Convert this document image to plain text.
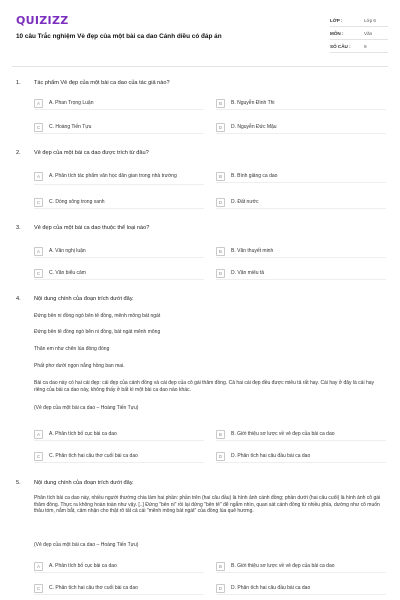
QUIZIZZ
10 câu Trắc nghiệm Vẻ đẹp của một bài ca dao Cánh diều có đáp án
LỚP :	Lớp 6
MÔN :	Văn
SỐ CÂU :	9
1.	Tác phẩm Vẻ đẹp của một bài ca dao của tác giả nào?
A	A. Phan Trọng Luận	B	B. Nguyễn Đình Thi
C	C. Hoàng Tiến Tựu	D	D. Nguyễn Đức Mậu
2.	Vẻ đẹp của một bài ca dao được trích từ đâu?
A	A. Phân tích tác phẩm văn học dân gian trong nhà trường	B	B. Bình giảng ca dao
C	C. Dòng sông trong xanh	D	D. Đất nước
3.	Vẻ đẹp của một bài ca dao thuộc thể loại nào?
A	A. Văn nghị luận	B	B. Văn thuyết minh
C	C. Văn biểu cảm	D	D. Văn miêu tả
4.	Nội dung chính của đoạn trích dưới đây.
Đứng bên ni đồng ngó bên tê đồng, mênh mông bát ngát
Đứng bên tê đồng ngó bên ni đồng, bát ngát mênh mông
Thân em như chẽn lúa đòng đòng
Phất phơ dưới ngọn nắng hồng ban mai.
Bài ca dao này có hai cái đẹp: cái đẹp của cánh đồng và cái đẹp của cô gái thăm đồng. Cả hai cái đẹp đều được miêu tả rất hay. Cái hay ở đây là cái hay riêng của bài ca dao này, không thấy ở bất kì một bài ca dao nào khác.
(Vẻ đẹp của một bài ca dao – Hoàng Tiến Tựu)
A	A. Phân tích bố cục bài ca dao	B	B. Giới thiệu sơ lược về vẻ đẹp của bài ca dao
C	C. Phân tích hai câu thơ cuối bài ca dao	D	D. Phân tích hai câu đầu bài ca dao
5.	Nội dung chính của đoạn trích dưới đây.
Phân tích bài ca dao này, nhiều người thường chia làm hai phần: phần trên (hai câu đầu) là hình ảnh cánh đồng; phần dưới (hai câu cuối) là hình ảnh cô gái thăm đồng. Thực ra không hoàn toàn như vậy. [..] Đứng "bên ni" rồi lại đứng "bên tê" để ngắm nhìn, quan sát cánh đồng từ nhiều phía, dường như cô muốn thâu tóm, nắm bắt, cảm nhận cho thật rõ tất cả cái "mênh mông bát ngát" của đồng lúa quê hương.
(Vẻ đẹp của một bài ca dao – Hoàng Tiến Tựu)
A	A. Phân tích bố cục bài ca dao	B	B. Giới thiệu sơ lược về vẻ đẹp của bài ca dao
C	C. Phân tích hai câu thơ cuối bài ca dao	D	D. Phân tích hai câu đầu bài ca dao
